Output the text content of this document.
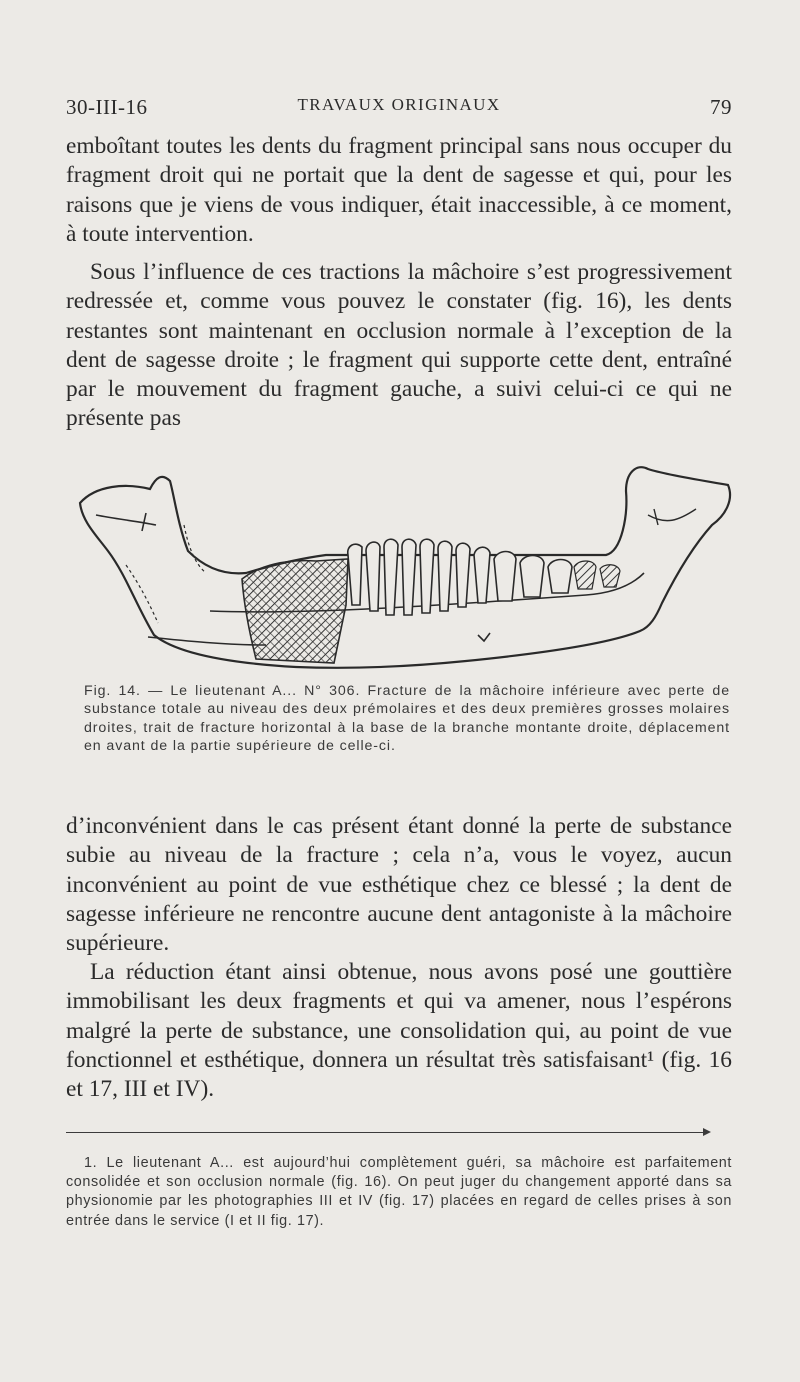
30-III-16	TRAVAUX ORIGINAUX	79

emboîtant toutes les dents du fragment principal sans nous occuper du fragment droit qui ne portait que la dent de sagesse et qui, pour les raisons que je viens de vous indiquer, était inaccessible, à ce moment, à toute intervention.

Sous l’influence de ces tractions la mâchoire s’est progressivement redressée et, comme vous pouvez le constater (fig. 16), les dents restantes sont maintenant en occlusion normale à l’exception de la dent de sagesse droite ; le fragment qui supporte cette dent, entraîné par le mouvement du fragment gauche, a suivi celui-ci ce qui ne présente pas

Fig. 14. — Le lieutenant A... N° 306. Fracture de la mâchoire inférieure avec perte de substance totale au niveau des deux prémolaires et des deux premières grosses molaires droites, trait de fracture horizontal à la base de la branche montante droite, déplacement en avant de la partie supérieure de celle-ci.

d’inconvénient dans le cas présent étant donné la perte de substance subie au niveau de la fracture ; cela n’a, vous le voyez, aucun inconvénient au point de vue esthétique chez ce blessé ; la dent de sagesse inférieure ne rencontre aucune dent antagoniste à la mâchoire supérieure.

La réduction étant ainsi obtenue, nous avons posé une gouttière immobilisant les deux fragments et qui va amener, nous l’espérons malgré la perte de substance, une consolidation qui, au point de vue fonctionnel et esthétique, donnera un résultat très satisfaisant¹ (fig. 16 et 17, III et IV).

1. Le lieutenant A... est aujourd’hui complètement guéri, sa mâchoire est parfaitement consolidée et son occlusion normale (fig. 16). On peut juger du changement apporté dans sa physionomie par les photographies III et IV (fig. 17) placées en regard de celles prises à son entrée dans le service (I et II fig. 17).
